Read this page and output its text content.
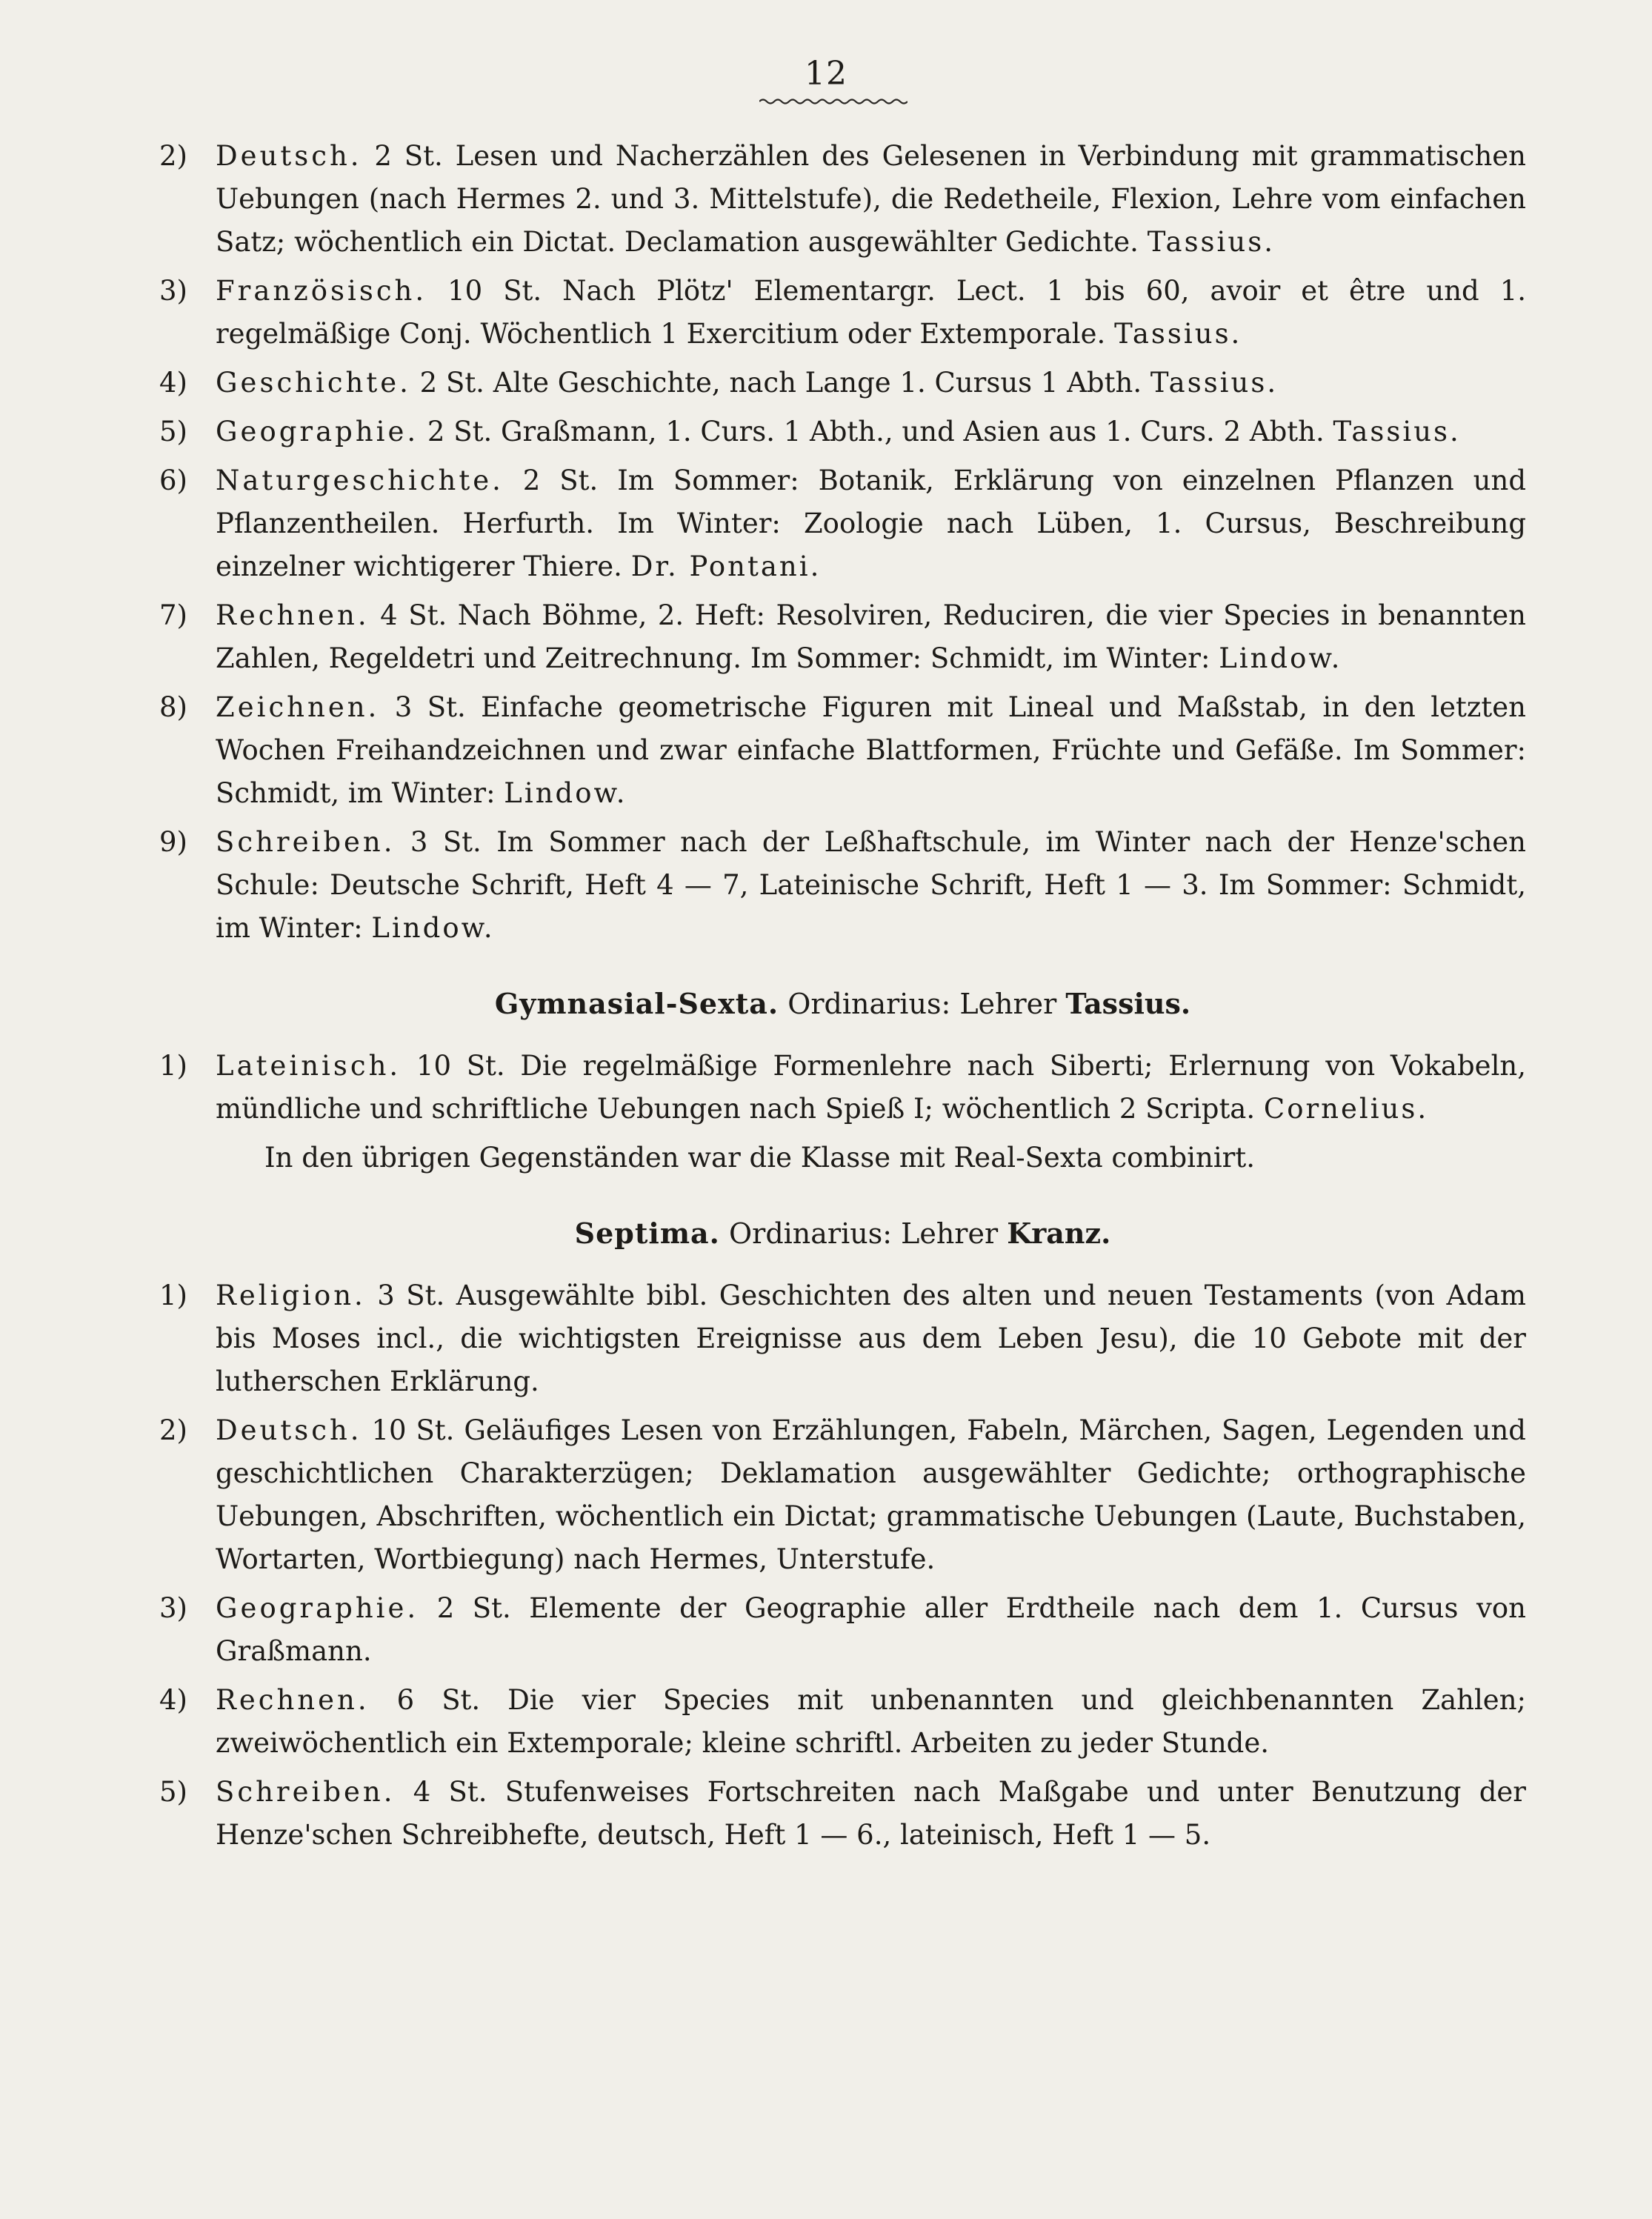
12
2)	Deutsch. 2 St. Lesen und Nacherzählen des Gelesenen in Verbindung mit grammatischen Uebungen (nach Hermes 2. und 3. Mittelstufe), die Redetheile, Flexion, Lehre vom einfachen Satz; wöchentlich ein Dictat. Declamation ausgewählter Gedichte. Tassius.
3)	Französisch. 10 St. Nach Plötz' Elementargr. Lect. 1 bis 60, avoir et être und 1. regelmäßige Conj. Wöchentlich 1 Exercitium oder Extemporale. Tassius.
4)	Geschichte. 2 St. Alte Geschichte, nach Lange 1. Cursus 1 Abth. Tassius.
5)	Geographie. 2 St. Graßmann, 1. Curs. 1 Abth., und Asien aus 1. Curs. 2 Abth. Tassius.
6)	Naturgeschichte. 2 St. Im Sommer: Botanik, Erklärung von einzelnen Pflanzen und Pflanzentheilen. Herfurth. Im Winter: Zoologie nach Lüben, 1. Cursus, Beschreibung einzelner wichtigerer Thiere. Dr. Pontani.
7)	Rechnen. 4 St. Nach Böhme, 2. Heft: Resolviren, Reduciren, die vier Species in benannten Zahlen, Regeldetri und Zeitrechnung. Im Sommer: Schmidt, im Winter: Lindow.
8)	Zeichnen. 3 St. Einfache geometrische Figuren mit Lineal und Maßstab, in den letzten Wochen Freihandzeichnen und zwar einfache Blattformen, Früchte und Gefäße. Im Sommer: Schmidt, im Winter: Lindow.
9)	Schreiben. 3 St. Im Sommer nach der Leßhaftschule, im Winter nach der Henze'schen Schule: Deutsche Schrift, Heft 4 — 7, Lateinische Schrift, Heft 1 — 3. Im Sommer: Schmidt, im Winter: Lindow.
Gymnasial-Sexta. Ordinarius: Lehrer Tassius.
1)	Lateinisch. 10 St. Die regelmäßige Formenlehre nach Siberti; Erlernung von Vokabeln, mündliche und schriftliche Uebungen nach Spieß I; wöchentlich 2 Scripta. Cornelius.
In den übrigen Gegenständen war die Klasse mit Real-Sexta combinirt.
Septima. Ordinarius: Lehrer Kranz.
1)	Religion. 3 St. Ausgewählte bibl. Geschichten des alten und neuen Testaments (von Adam bis Moses incl., die wichtigsten Ereignisse aus dem Leben Jesu), die 10 Gebote mit der lutherschen Erklärung.
2)	Deutsch. 10 St. Geläufiges Lesen von Erzählungen, Fabeln, Märchen, Sagen, Legenden und geschichtlichen Charakterzügen; Deklamation ausgewählter Gedichte; orthographische Uebungen, Abschriften, wöchentlich ein Dictat; grammatische Uebungen (Laute, Buchstaben, Wortarten, Wortbiegung) nach Hermes, Unterstufe.
3)	Geographie. 2 St. Elemente der Geographie aller Erdtheile nach dem 1. Cursus von Graßmann.
4)	Rechnen. 6 St. Die vier Species mit unbenannten und gleichbenannten Zahlen; zweiwöchentlich ein Extemporale; kleine schriftl. Arbeiten zu jeder Stunde.
5)	Schreiben. 4 St. Stufenweises Fortschreiten nach Maßgabe und unter Benutzung der Henze'schen Schreibhefte, deutsch, Heft 1 — 6., lateinisch, Heft 1 — 5.
